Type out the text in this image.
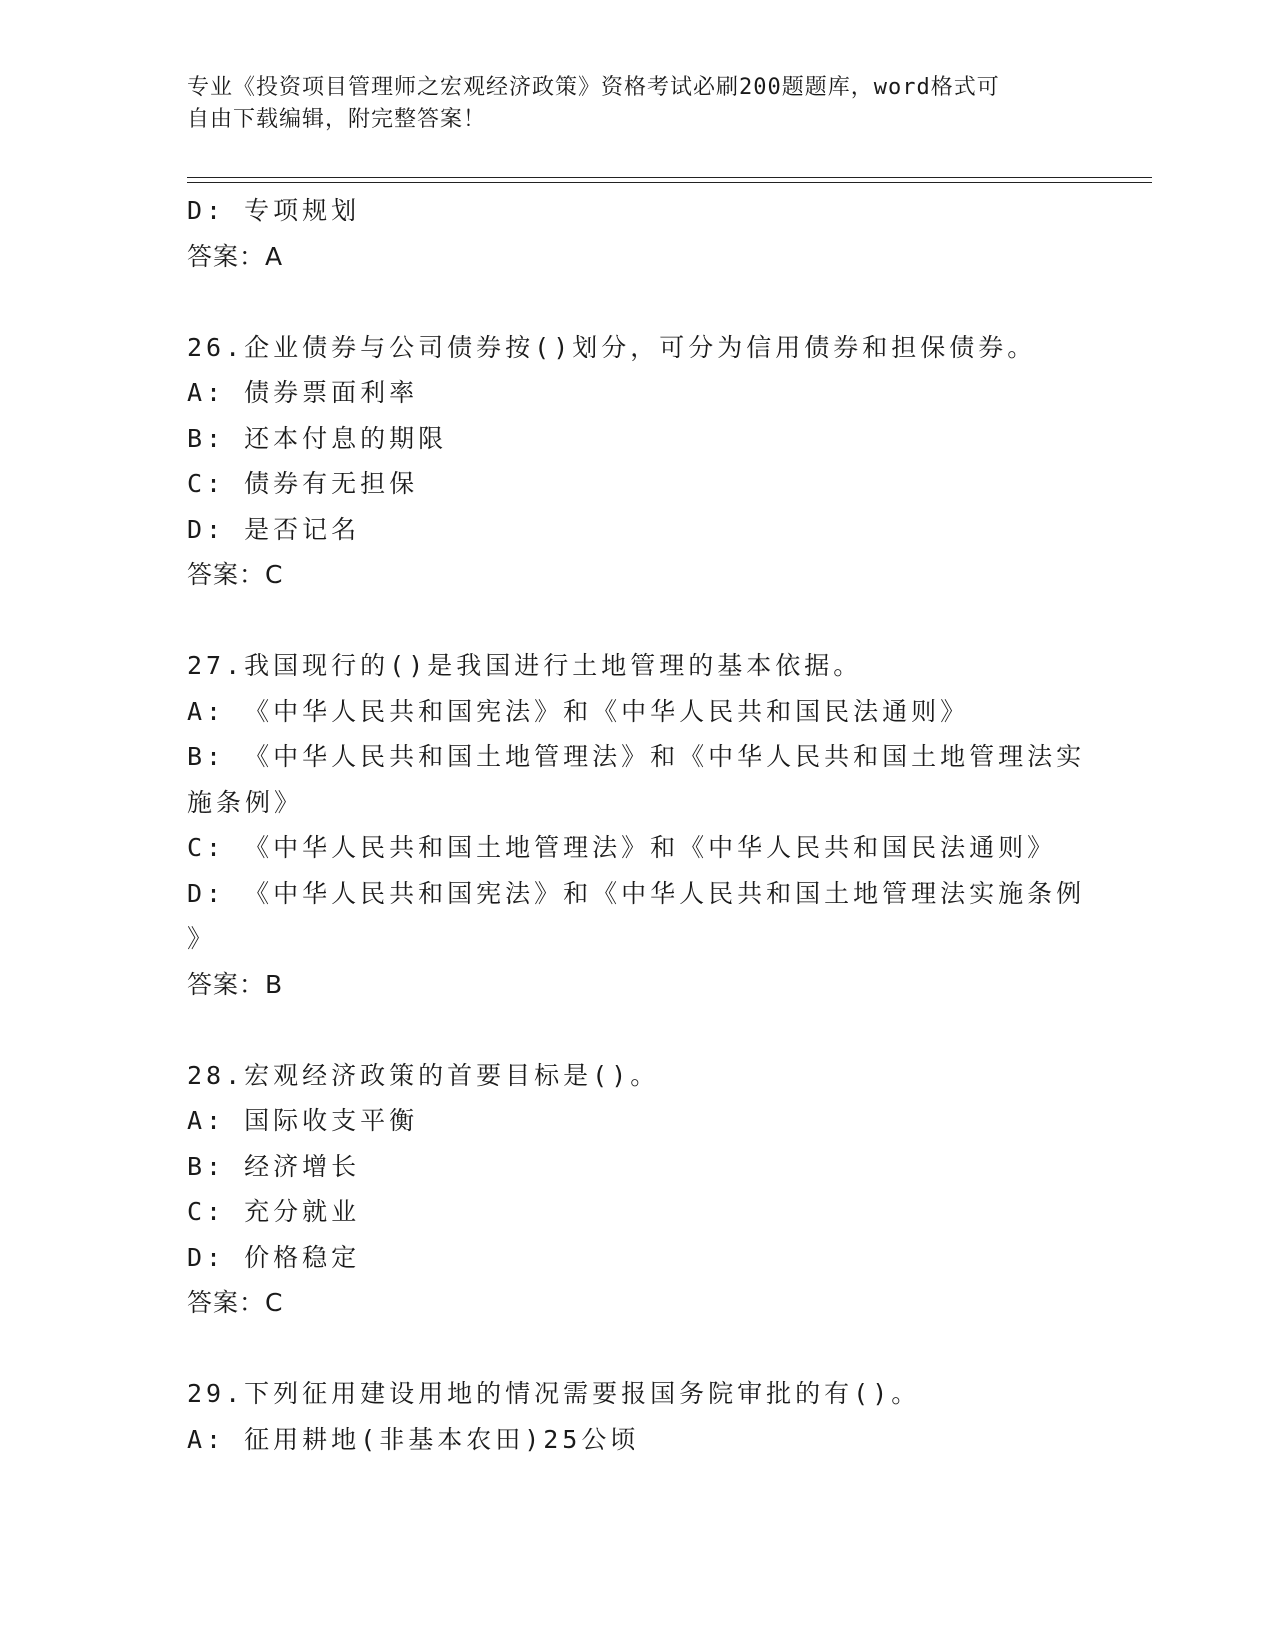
专业《投资项目管理师之宏观经济政策》资格考试必刷200题题库，word格式可
自由下载编辑，附完整答案！
D: 专项规划
答案：A
26.企业债券与公司债券按()划分，可分为信用债券和担保债券。
A: 债券票面利率
B: 还本付息的期限
C: 债券有无担保
D: 是否记名
答案：C
27.我国现行的()是我国进行土地管理的基本依据。
A: 《中华人民共和国宪法》和《中华人民共和国民法通则》
B: 《中华人民共和国土地管理法》和《中华人民共和国土地管理法实
施条例》
C: 《中华人民共和国土地管理法》和《中华人民共和国民法通则》
D: 《中华人民共和国宪法》和《中华人民共和国土地管理法实施条例
》
答案：B
28.宏观经济政策的首要目标是()。
A: 国际收支平衡
B: 经济增长
C: 充分就业
D: 价格稳定
答案：C
29.下列征用建设用地的情况需要报国务院审批的有()。
A: 征用耕地(非基本农田)25公顷
